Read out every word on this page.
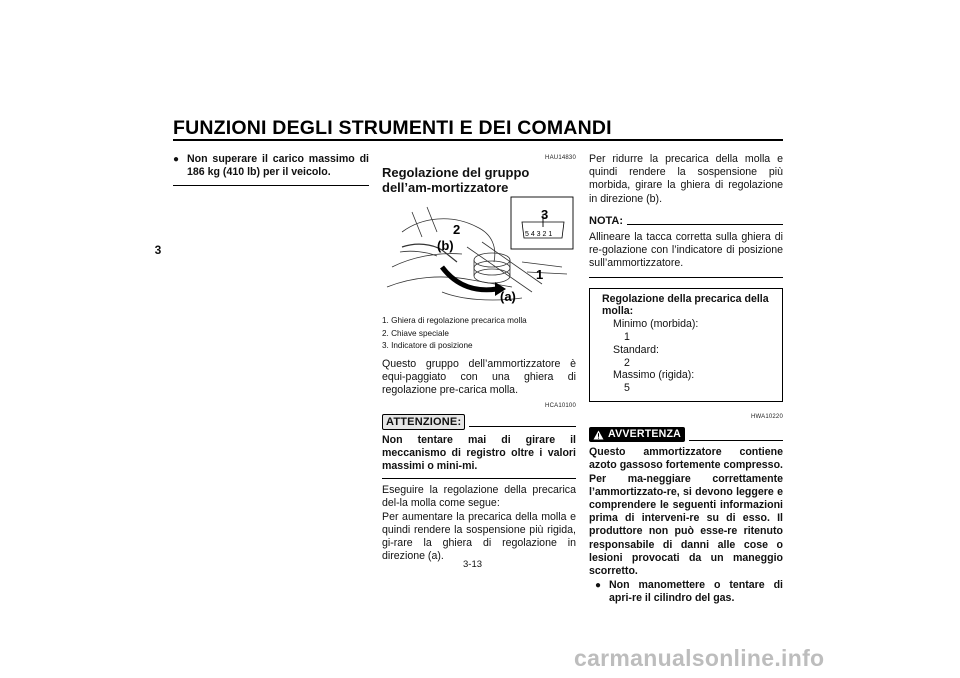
FUNZIONI DEGLI STRUMENTI E DEI COMANDI
3
● Non superare il carico massimo di 186 kg (410 lb) per il veicolo.
HAU14830
Regolazione del gruppo dell’am-mortizzatore
5 4 3 2 1
3
2
1
(b)
(a)
1. Ghiera di regolazione precarica molla
2. Chiave speciale
3. Indicatore di posizione
Questo gruppo dell’ammortizzatore è equi-paggiato con una ghiera di regolazione pre-carica molla.
HCA10100
ATTENZIONE:
Non tentare mai di girare il meccanismo di registro oltre i valori massimi o mini-mi.
Eseguire la regolazione della precarica del-la molla come segue:
Per aumentare la precarica della molla e quindi rendere la sospensione più rigida, gi-rare la ghiera di regolazione in direzione (a).
Per ridurre la precarica della molla e quindi rendere la sospensione più morbida, girare la ghiera di regolazione in direzione (b).
NOTA:
Allineare la tacca corretta sulla ghiera di re-golazione con l’indicatore di posizione sull’ammortizzatore.
Regolazione della precarica della molla:
Minimo (morbida):
1
Standard:
2
Massimo (rigida):
5
HWA10220
AVVERTENZA
Questo ammortizzatore contiene azoto gassoso fortemente compresso. Per ma-neggiare correttamente l’ammortizzato-re, si devono leggere e comprendere le seguenti informazioni prima di interveni-re su di esso. Il produttore non può esse-re ritenuto responsabile di danni alle cose o lesioni provocati da un maneggio scorretto.
● Non manomettere o tentare di apri-re il cilindro del gas.
3-13
carmanualsonline.info
